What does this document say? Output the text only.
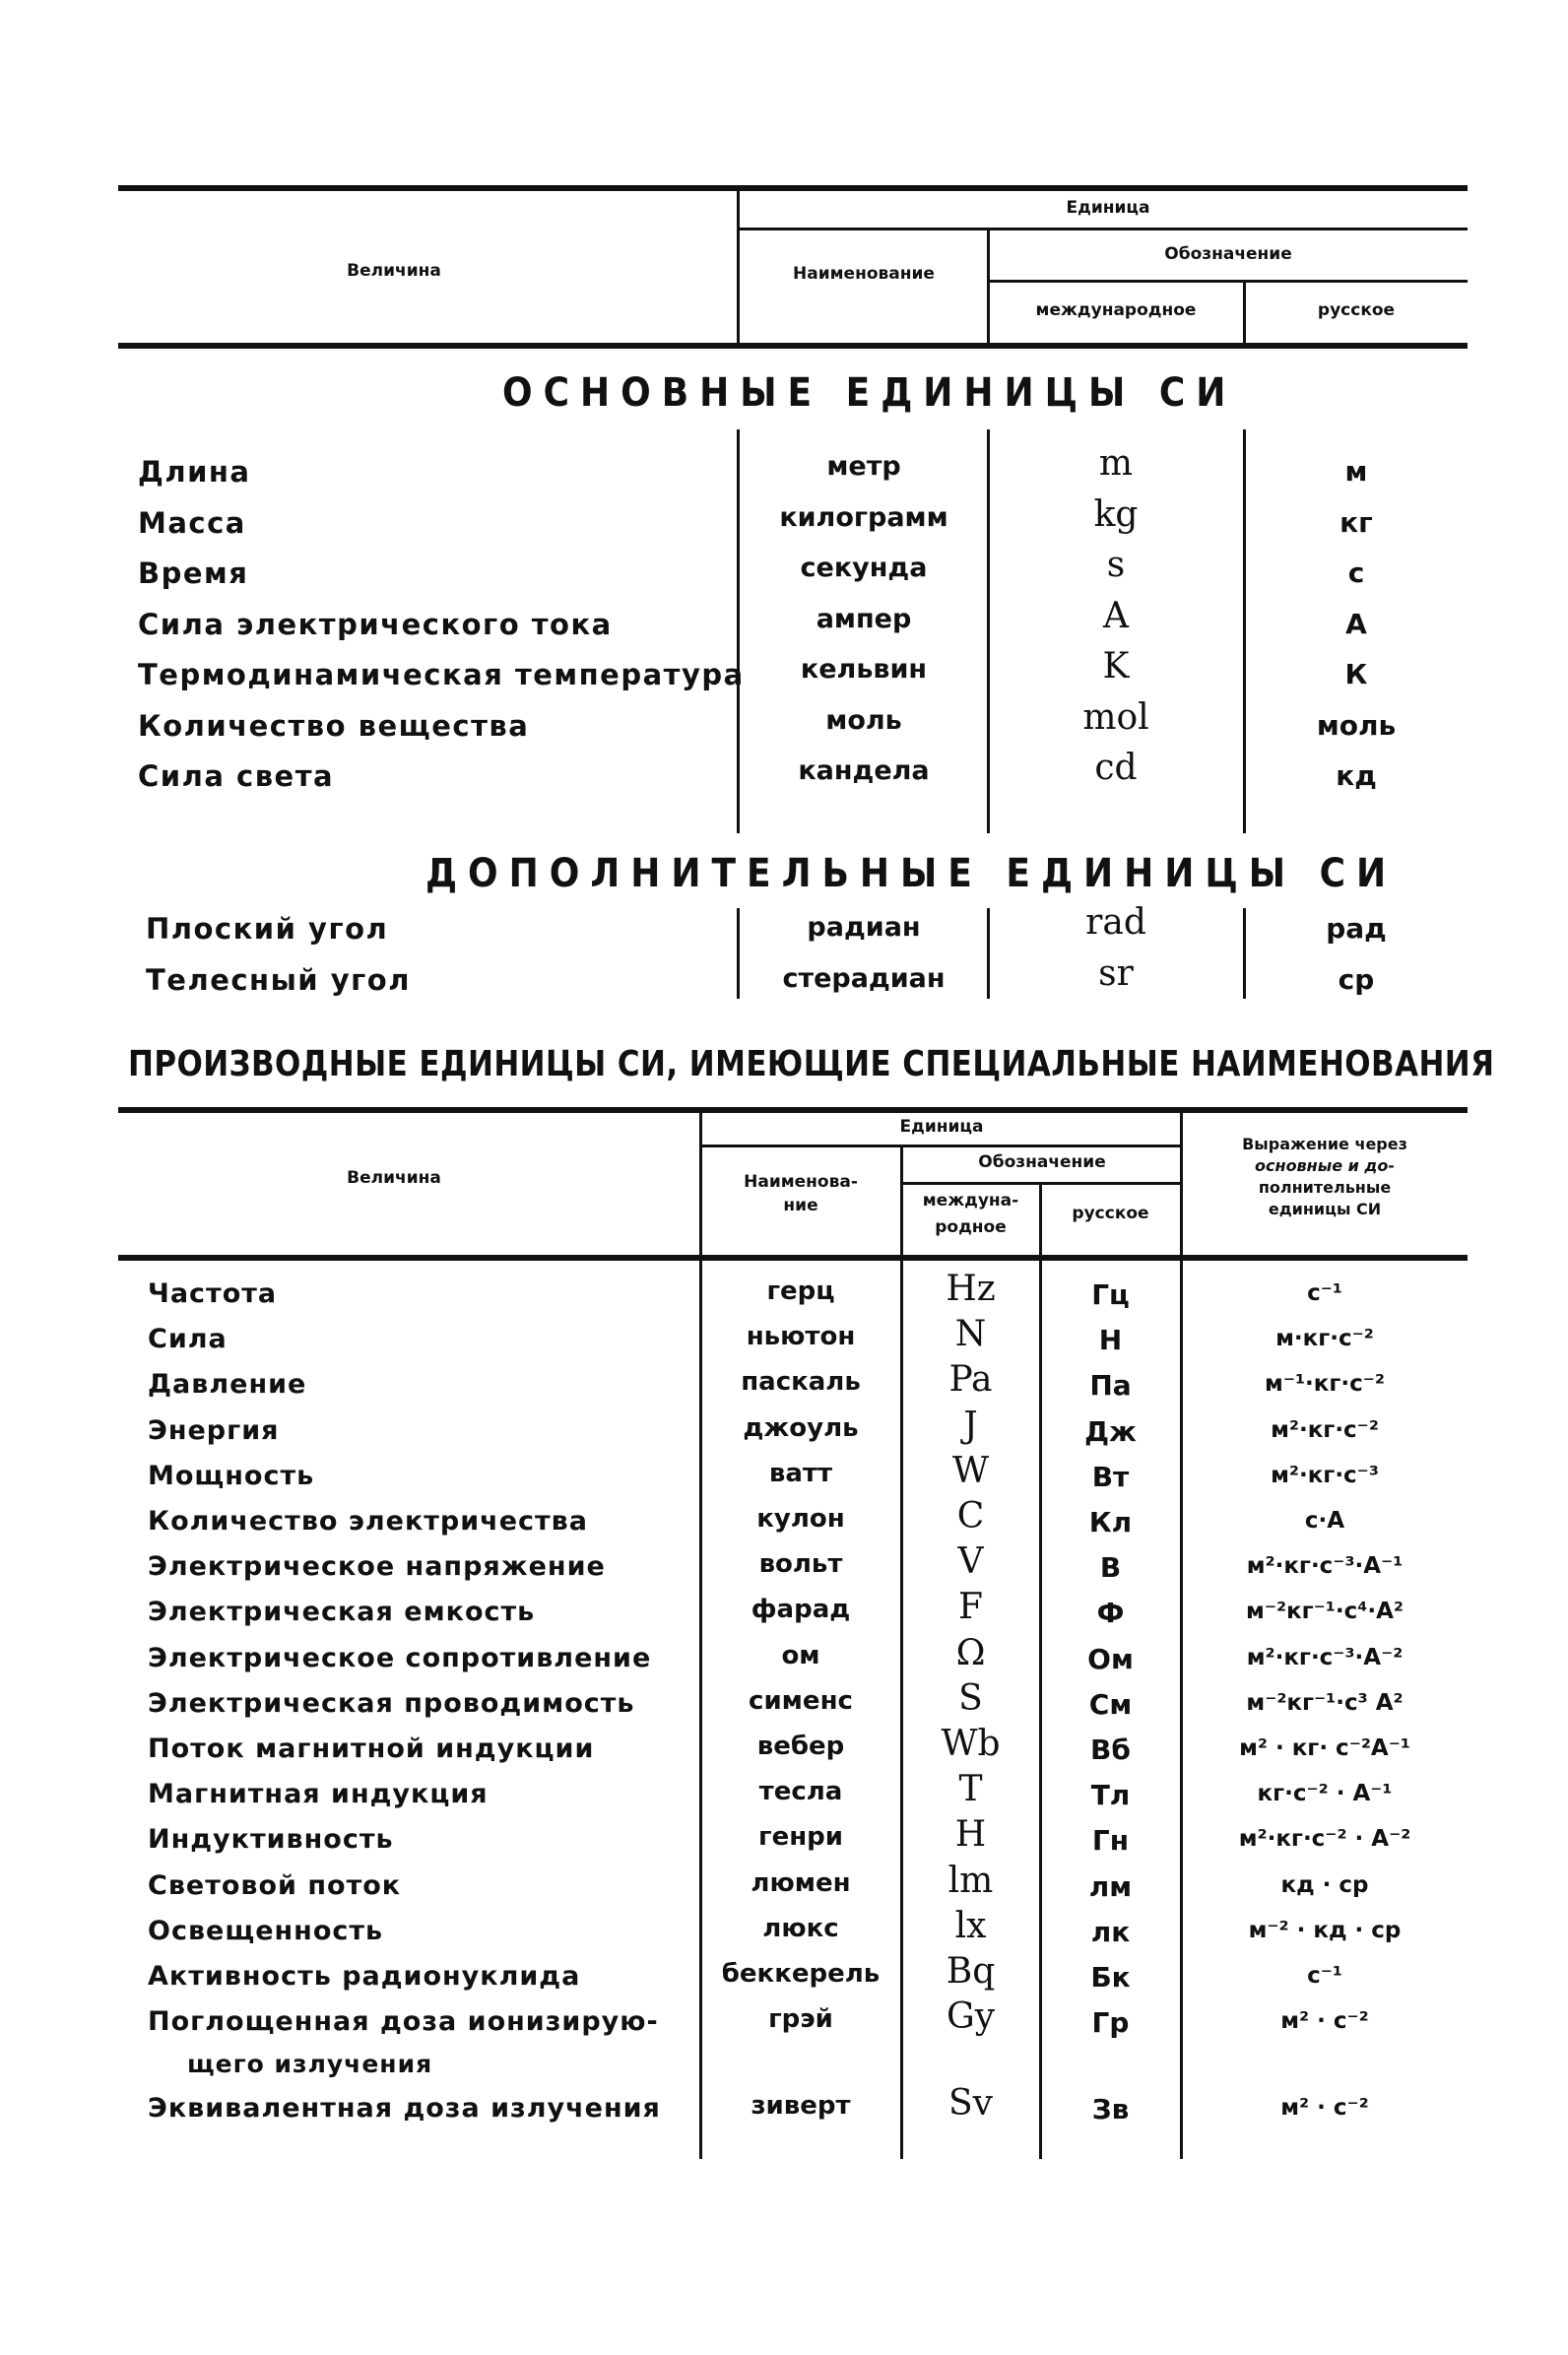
Величина
Единица
Наименование
Обозначение
международное	русское
ОСНОВНЫЕ ЕДИНИЦЫ СИ
Длина	метр	m	м
Масса	килограмм	kg	кг
Время	секунда	s	с
Сила электрического тока	ампер	A	А
Термодинамическая температура	кельвин	K	К
Количество вещества	моль	mol	моль
Сила света	кандела	cd	кд
ДОПОЛНИТЕЛЬНЫЕ ЕДИНИЦЫ СИ
Плоский угол	радиан	rad	рад
Телесный угол	стерадиан	sr	ср
ПРОИЗВОДНЫЕ ЕДИНИЦЫ СИ, ИМЕЮЩИЕ СПЕЦИАЛЬНЫЕ НАИМЕНОВАНИЯ
Величина
Единица
Наименова-
ние
Обозначение
междуна-
родное
русское
Выражение через
основные и до-
полнительные
единицы СИ
Частота	герц	Hz	Гц	с⁻¹
Сила	ньютон	N	Н	м·кг·с⁻²
Давление	паскаль	Pa	Па	м⁻¹·кг·с⁻²
Энергия	джоуль	J	Дж	м²·кг·с⁻²
Мощность	ватт	W	Вт	м²·кг·с⁻³
Количество электричества	кулон	C	Кл	с·А
Электрическое напряжение	вольт	V	В	м²·кг·с⁻³·А⁻¹
Электрическая емкость	фарад	F	Ф	м⁻²кг⁻¹·с⁴·А²
Электрическое сопротивление	ом	Ω	Ом	м²·кг·с⁻³·А⁻²
Электрическая проводимость	сименс	S	См	м⁻²кг⁻¹·с³ А²
Поток магнитной индукции	вебер	Wb	Вб	м² · кг· с⁻²А⁻¹
Магнитная индукция	тесла	T	Тл	кг·с⁻² · А⁻¹
Индуктивность	генри	H	Гн	м²·кг·с⁻² · А⁻²
Световой поток	люмен	lm	лм	кд · ср
Освещенность	люкс	lx	лк	м⁻² · кд · ср
Активность радионуклида	беккерель	Bq	Бк	с⁻¹
Поглощенная доза ионизирую-	грэй	Gy	Гр	м² · с⁻²
щего излучения
Эквивалентная доза излучения	зиверт	Sv	Зв	м² · с⁻²
